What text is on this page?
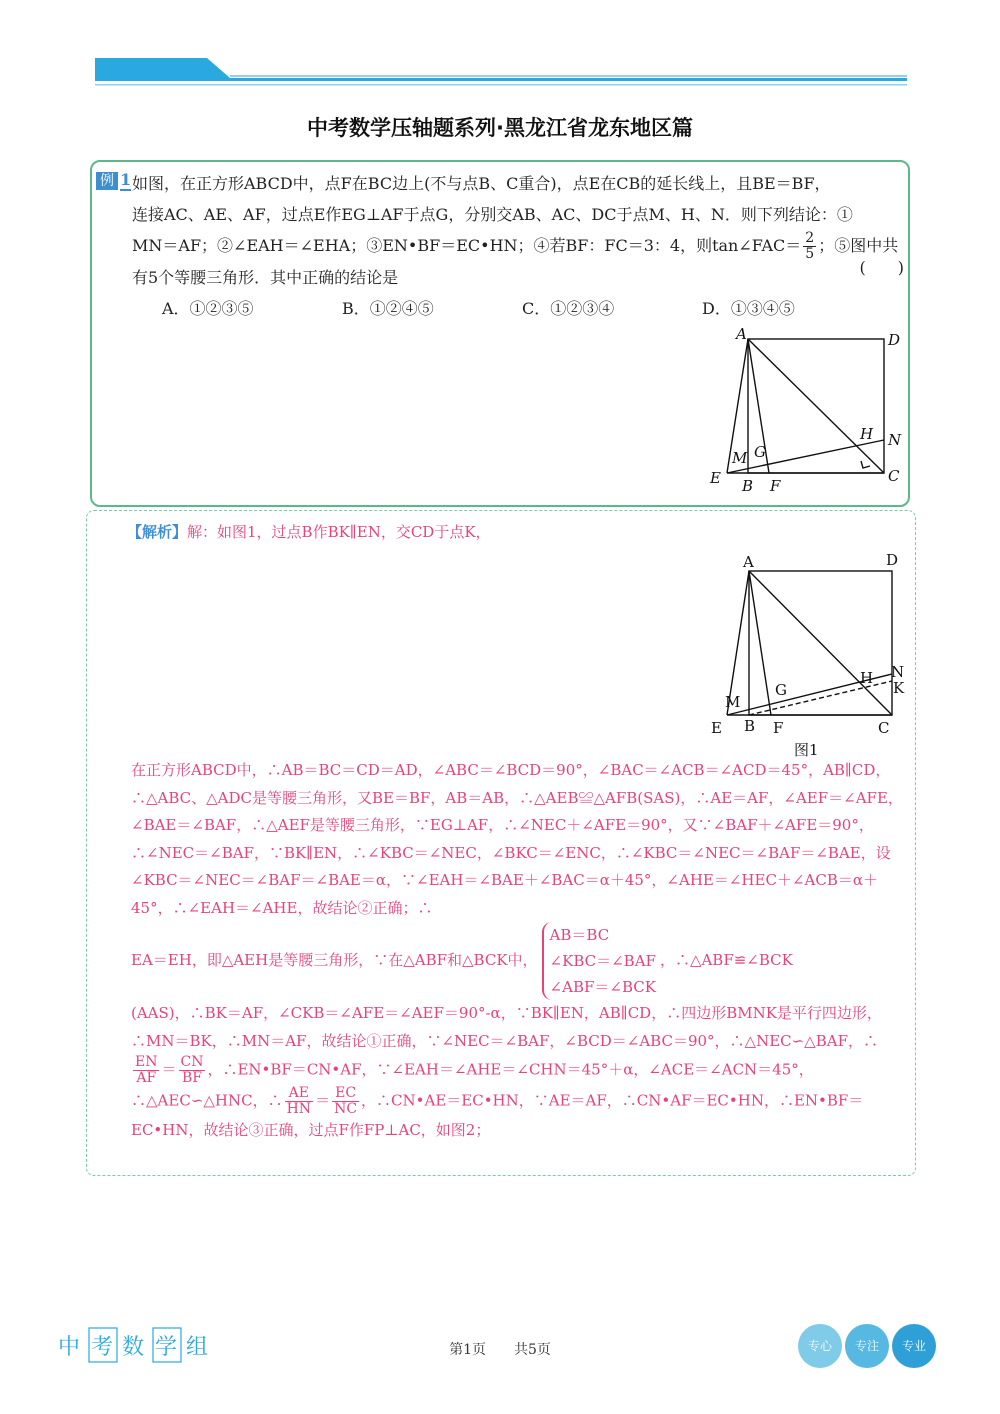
中考数学压轴题系列·黑龙江省龙东地区篇
例 1 如图，在正方形ABCD中，点F在BC边上(不与点B、C重合)，点E在CB的延长线上，且BE＝BF，
连接AC、AE、AF，过点E作EG⊥AF于点G，分别交AB、AC、DC于点M、H、N．则下列结论：①
MN＝AF；②∠EAH＝∠EHA；③EN•BF＝EC•HN；④若BF：FC＝3：4，则tan∠FAC＝ $\frac{2}{5}$ ；⑤图中共
有5个等腰三角形．其中正确的结论是
(　　)
A．①②③⑤	B．①②④⑤	C．①②③④	D．①③④⑤
A	D
H N
M G
E B F
C
【解析】解：如图1，过点B作BK∥EN，交CD于点K，
A	D
H N
K
M
G
E B F	C
图1
在正方形ABCD中，∴AB＝BC＝CD＝AD，∠ABC＝∠BCD＝90°，∠BAC＝∠ACB＝∠ACD＝45°，AB∥CD，∴△ABC、△ADC是等腰三角形，又BE＝BF，AB＝AB，∴△AEB≌△AFB(SAS)，∴AE＝AF，∠AEF＝∠AFE，∠BAE＝∠BAF，∴△AEF是等腰三角形，∵EG⊥AF，∴∠NEC＋∠AFE＝90°，又∵∠BAF＋∠AFE＝90°，∴∠NEC＝∠BAF，∵BK∥EN，∴∠KBC＝∠NEC，∠BKC＝∠ENC，∴∠KBC＝∠NEC＝∠BAF＝∠BAE，设∠KBC＝∠NEC＝∠BAF＝∠BAE＝α，∵∠EAH＝∠BAE＋∠BAC＝α＋45°，∠AHE＝∠HEC＋∠ACB＝α＋45°，∴∠EAH＝∠AHE，故结论②正确；∴
EA＝EH，即△AEH是等腰三角形，∵在△ABF和△BCK中，
AB＝BC
∠KBC＝∠BAF
∠ABF＝∠BCK
，∴△ABF≌∠BCK
(AAS)，∴BK＝AF，∠CKB＝∠AFE＝∠AEF＝90°-α，∵BK∥EN，AB∥CD，∴四边形BMNK是平行四边形，∴MN＝BK，∴MN＝AF，故结论①正确，∵∠NEC＝∠BAF，∠BCD＝∠ABC＝90°，∴△NEC∽△BAF，∴
$\frac{EN}{AF} = \frac{CN}{BF}$ ，∴EN•BF＝CN•AF，∵∠EAH＝∠AHE＝∠CHN＝45°＋α，∠ACE＝∠ACN＝45°，∴△AEC∽△HNC，∴ $\frac{AE}{HN} = \frac{EC}{NC}$ ，∴CN•AE＝EC•HN，∵AE＝AF，∴CN•AF＝EC•HN，∴EN•BF＝EC•HN，故结论③正确，过点F作FP⊥AC，如图2；
中 考 数 学 组	第1页　　共5页	专心 专注 专业
